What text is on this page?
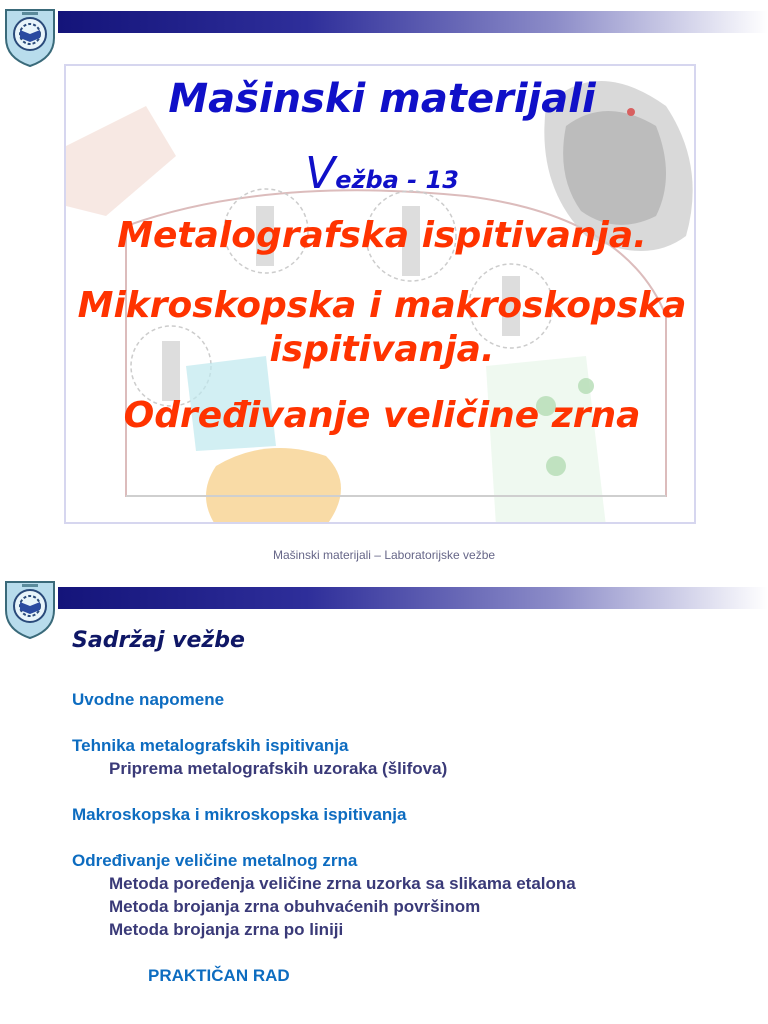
Mašinski materijali

Vežba - 13

Metalografska ispitivanja.

Mikroskopska i makroskopska
ispitivanja.

Određivanje veličine zrna

Mašinski materijali – Laboratorijske vežbe

Sadržaj vežbe

Uvodne napomene

Tehnika metalografskih ispitivanja

Priprema metalografskih uzoraka (šlifova)

Makroskopska i mikroskopska ispitivanja

Određivanje veličine metalnog zrna

Metoda poređenja veličine zrna uzorka sa slikama etalona

Metoda brojanja zrna obuhvaćenih površinom

Metoda brojanja zrna po liniji

PRAKTIČAN RAD
